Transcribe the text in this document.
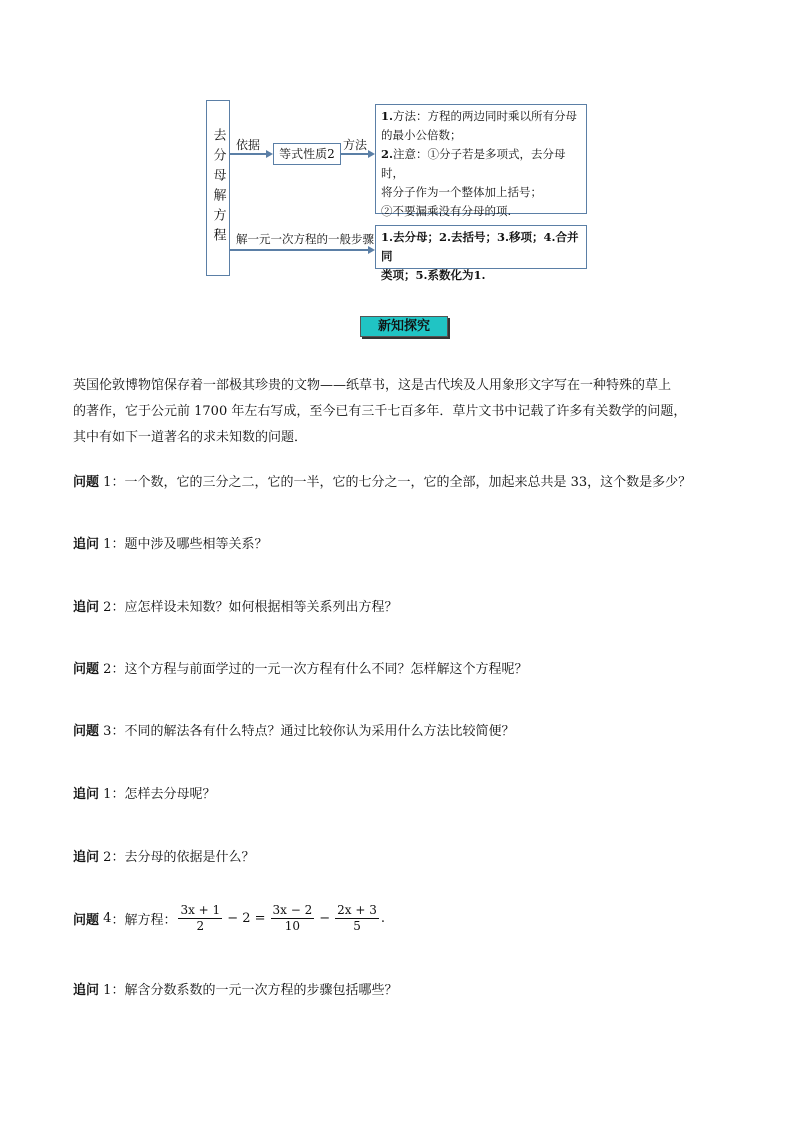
去分母解方程 依据
等式性质2
方法
1.方法：方程的两边同时乘以所有分母
的最小公倍数；
2.注意：①分子若是多项式，去分母时，
将分子作为一个整体加上括号；
②不要漏乘没有分母的项.
解一元一次方程的一般步骤 1.去分母；2.去括号；3.移项；4.合并同
类项；5.系数化为1.
新知探究
英国伦敦博物馆保存着一部极其珍贵的文物——纸草书，这是古代埃及人用象形文字写在一种特殊的草上
的著作，它于公元前 1700 年左右写成，至今已有三千七百多年．草片文书中记载了许多有关数学的问题，
其中有如下一道著名的求未知数的问题．
问题 1：一个数，它的三分之二，它的一半，它的七分之一，它的全部，加起来总共是 33，这个数是多少？
追问 1：题中涉及哪些相等关系？
追问 2：应怎样设未知数？如何根据相等关系列出方程？
问题 2：这个方程与前面学过的一元一次方程有什么不同？怎样解这个方程呢？
问题 3：不同的解法各有什么特点？通过比较你认为采用什么方法比较简便？
追问 1：怎样去分母呢？
追问 2：去分母的依据是什么？
问题
4 ：解方程： $\frac{3x + 1}{2} - 2 = \frac{3x - 2}{10} - \frac{2x + 3}{5}$ .
追问 1：解含分数系数的一元一次方程的步骤包括哪些？
